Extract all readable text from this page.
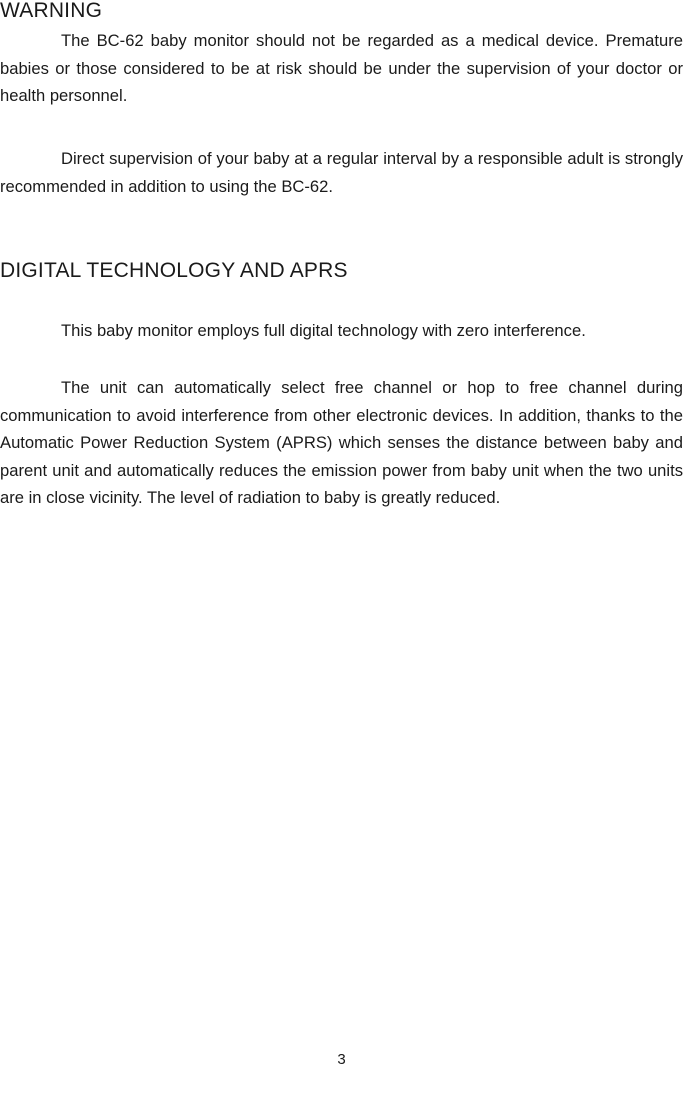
WARNING

The BC-62 baby monitor should not be regarded as a medical device. Premature babies or those considered to be at risk should be under the supervision of your doctor or health personnel.

Direct supervision of your baby at a regular interval by a responsible adult is strongly recommended in addition to using the BC-62.

DIGITAL TECHNOLOGY AND APRS

This baby monitor employs full digital technology with zero interference.

The unit can automatically select free channel or hop to free channel during communication to avoid interference from other electronic devices. In addition, thanks to the Automatic Power Reduction System (APRS) which senses the distance between baby and parent unit and automatically reduces the emission power from baby unit when the two units are in close vicinity. The level of radiation to baby is greatly reduced.

3
